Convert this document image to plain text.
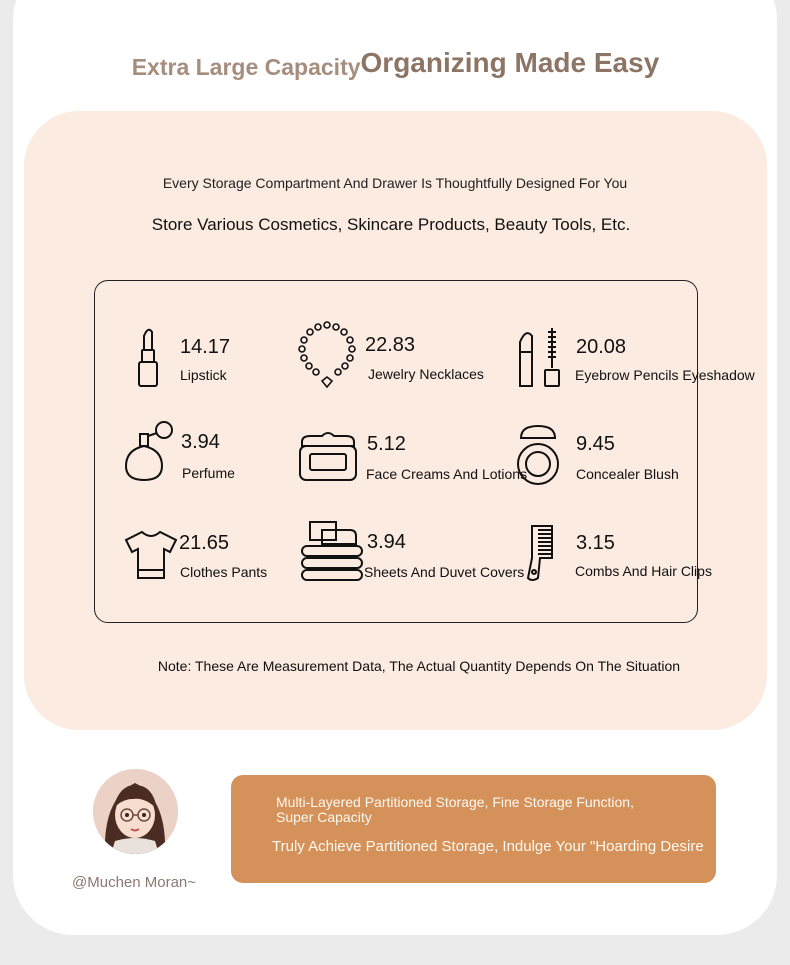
Extra Large Capacity Organizing Made Easy
Every Storage Compartment And Drawer Is Thoughtfully Designed For You
Store Various Cosmetics, Skincare Products, Beauty Tools, Etc.
14.17
Lipstick
22.83
Jewelry Necklaces
20.08
Eyebrow Pencils Eyeshadow
3.94
Perfume
5.12
Face Creams And Lotions
9.45
Concealer Blush
21.65
Clothes Pants
3.94
Sheets And Duvet Covers
3.15
Combs And Hair Clips
Note: These Are Measurement Data, The Actual Quantity Depends On The Situation
@Muchen Moran~
Multi-Layered Partitioned Storage, Fine Storage Function, Super Capacity
Truly Achieve Partitioned Storage, Indulge Your "Hoarding Desire
